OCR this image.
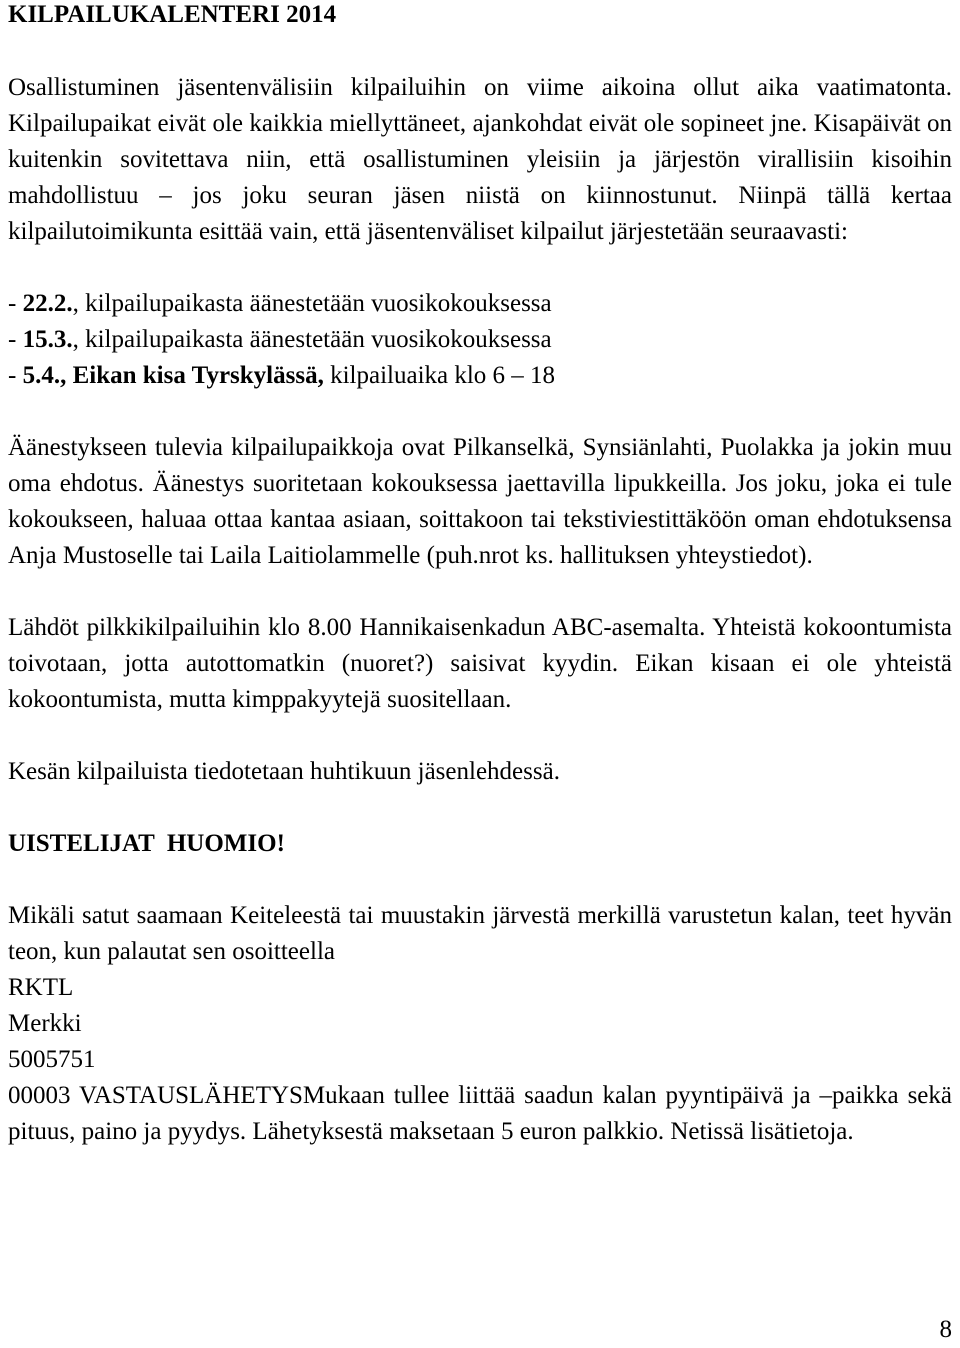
KILPAILUKALENTERI 2014

Osallistuminen jäsentenvälisiin kilpailuihin on viime aikoina ollut aika vaatimatonta. Kilpailupaikat eivät ole kaikkia miellyttäneet, ajankohdat eivät ole sopineet jne. Kisapäivät on kuitenkin sovitettava niin, että osallistuminen yleisiin ja järjestön virallisiin kisoihin mahdollistuu – jos joku seuran jäsen niistä on kiinnostunut. Niinpä tällä kertaa kilpailutoimikunta esittää vain, että jäsentenväliset kilpailut järjestetään seuraavasti:

- 22.2., kilpailupaikasta äänestetään vuosikokouksessa
- 15.3., kilpailupaikasta äänestetään vuosikokouksessa
- 5.4., Eikan kisa Tyrskylässä, kilpailuaika klo 6 – 18

Äänestykseen tulevia kilpailupaikkoja ovat Pilkanselkä, Synsiänlahti, Puolakka ja jokin muu oma ehdotus. Äänestys suoritetaan kokouksessa jaettavilla lipukkeilla. Jos joku, joka ei tule kokoukseen, haluaa ottaa kantaa asiaan, soittakoon tai tekstiviestittäköön oman ehdotuksensa Anja Mustoselle tai Laila Laitiolammelle (puh.nrot ks. hallituksen yhteystiedot).

Lähdöt pilkkikilpailuihin klo 8.00 Hannikaisenkadun ABC-asemalta. Yhteistä kokoontumista toivotaan, jotta autottomatkin (nuoret?) saisivat kyydin. Eikan kisaan ei ole yhteistä kokoontumista, mutta kimppakyytejä suositellaan.

Kesän kilpailuista tiedotetaan huhtikuun jäsenlehdessä.

UISTELIJAT  HUOMIO!

Mikäli satut saamaan Keiteleestä tai muustakin järvestä merkillä varustetun kalan, teet hyvän teon, kun palautat sen osoitteella

RKTL
Merkki
5005751

00003 VASTAUSLÄHETYSMukaan tullee liittää saadun kalan pyyntipäivä ja –paikka sekä pituus, paino ja pyydys. Lähetyksestä maksetaan 5 euron palkkio. Netissä lisätietoja.

8
